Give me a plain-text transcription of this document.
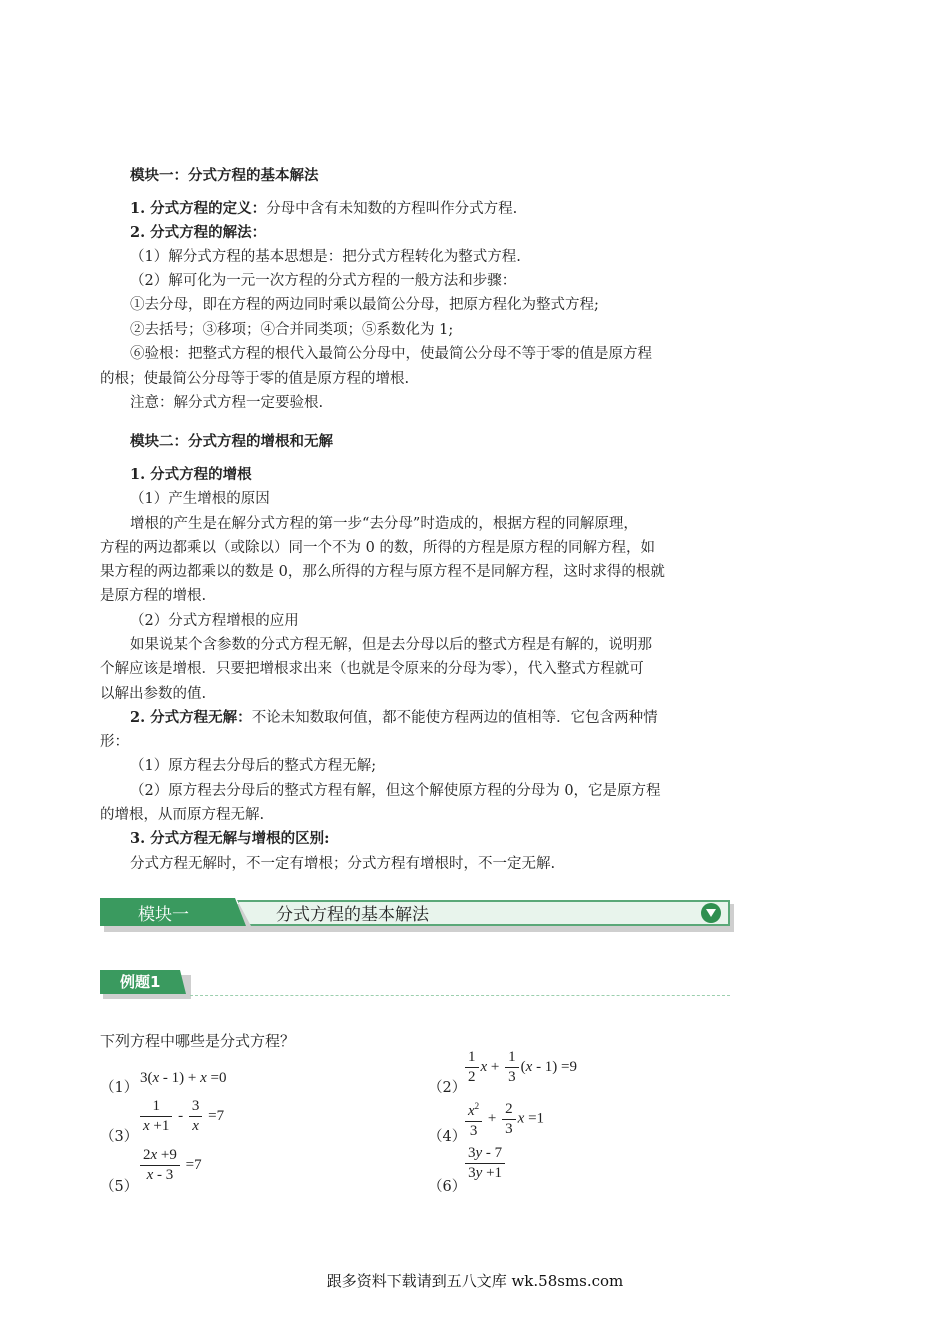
模块一：分式方程的基本解法
1. 分式方程的定义：分母中含有未知数的方程叫作分式方程.
2. 分式方程的解法：
（1）解分式方程的基本思想是：把分式方程转化为整式方程.
（2）解可化为一元一次方程的分式方程的一般方法和步骤：
①去分母，即在方程的两边同时乘以最简公分母，把原方程化为整式方程;
②去括号；③移项；④合并同类项；⑤系数化为 1;
⑥验根：把整式方程的根代入最简公分母中，使最简公分母不等于零的值是原方程
的根；使最简公分母等于零的值是原方程的增根.
注意：解分式方程一定要验根.
模块二：分式方程的增根和无解
1. 分式方程的增根
（1）产生增根的原因
增根的产生是在解分式方程的第一步“去分母”时造成的，根据方程的同解原理，
方程的两边都乘以（或除以）同一个不为 0 的数，所得的方程是原方程的同解方程，如
果方程的两边都乘以的数是 0，那么所得的方程与原方程不是同解方程，这时求得的根就
是原方程的增根.
（2）分式方程增根的应用
如果说某个含参数的分式方程无解，但是去分母以后的整式方程是有解的，说明那
个解应该是增根．只要把增根求出来（也就是令原来的分母为零），代入整式方程就可
以解出参数的值.
2. 分式方程无解：不论未知数取何值，都不能使方程两边的值相等．它包含两种情
形：
（1）原方程去分母后的整式方程无解;
（2）原方程去分母后的整式方程有解，但这个解使原方程的分母为 0，它是原方程
的增根，从而原方程无解.
3. 分式方程无解与增根的区别:
分式方程无解时，不一定有增根；分式方程有增根时，不一定无解.
模块一	分式方程的基本解法
例题1
下列方程中哪些是分式方程？
（1）
3(x - 1) + x =0
（2）
$\frac{1}{2}$ $x + \frac{1}{3} (x - 1) =9$
（3）
$\frac{1}{x +1} - \frac{3}{x} =7$
（4）
$\frac{x^2}{3} + \frac{2}{3}$ x =1
（5）
$\frac{2x +9}{x - 3} =7$
（6）
$\frac{3y - 7}{3y +1}$
跟多资料下载请到五八文库 wk.58sms.com
